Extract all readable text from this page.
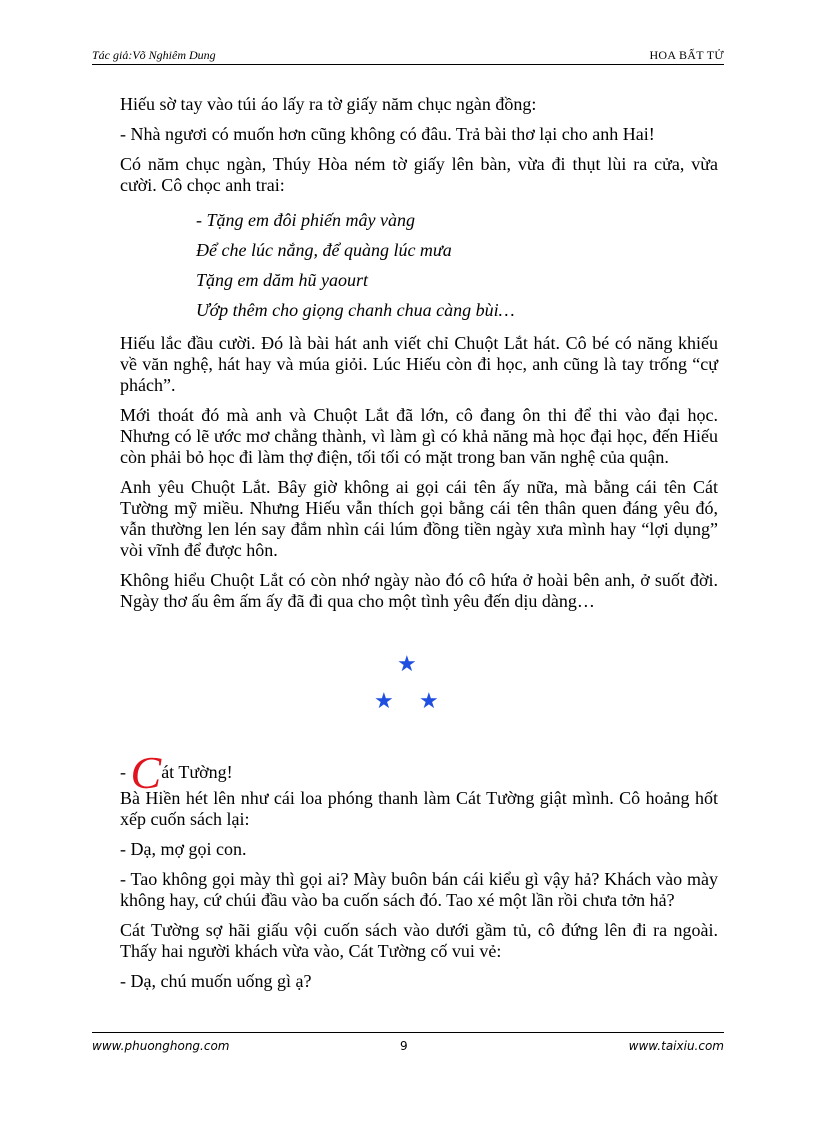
Tác giả:Võ Nghiêm Dung	HOA BẤT TỬ

Hiếu sờ tay vào túi áo lấy ra tờ giấy năm chục ngàn đồng:

- Nhà ngươi có muốn hơn cũng không có đâu. Trả bài thơ lại cho anh Hai!

Có năm chục ngàn, Thúy Hòa ném tờ giấy lên bàn, vừa đi thụt lùi ra cửa, vừa cười. Cô chọc anh trai:

- Tặng em đôi phiến mây vàng
Để che lúc nắng, để quàng lúc mưa
Tặng em dăm hũ yaourt
Ướp thêm cho giọng chanh chua càng bùi…

Hiếu lắc đầu cười. Đó là bài hát anh viết chỉ Chuột Lắt hát. Cô bé có năng khiếu về văn nghệ, hát hay và múa giỏi. Lúc Hiếu còn đi học, anh cũng là tay trống “cự phách”.

Mới thoát đó mà anh và Chuột Lắt đã lớn, cô đang ôn thi để thi vào đại học. Nhưng có lẽ ước mơ chẳng thành, vì làm gì có khả năng mà học đại học, đến Hiếu còn phải bỏ học đi làm thợ điện, tối tối có mặt trong ban văn nghệ của quận.

Anh yêu Chuột Lắt. Bây giờ không ai gọi cái tên ấy nữa, mà bằng cái tên Cát Tường mỹ miều. Nhưng Hiếu vẫn thích gọi bằng cái tên thân quen đáng yêu đó, vẫn thường len lén say đắm nhìn cái lúm đồng tiền ngày xưa mình hay “lợi dụng” vòi vĩnh để được hôn.

Không hiểu Chuột Lắt có còn nhớ ngày nào đó cô hứa ở hoài bên anh, ở suốt đời. Ngày thơ ấu êm ấm ấy đã đi qua cho một tình yêu đến dịu dàng…

★
★ ★
- Cát Tường!

Bà Hiền hét lên như cái loa phóng thanh làm Cát Tường giật mình. Cô hoảng hốt xếp cuốn sách lại:

- Dạ, mợ gọi con.

- Tao không gọi mày thì gọi ai? Mày buôn bán cái kiểu gì vậy hả? Khách vào mày không hay, cứ chúi đầu vào ba cuốn sách đó. Tao xé một lần rồi chưa tởn hả?

Cát Tường sợ hãi giấu vội cuốn sách vào dưới gầm tủ, cô đứng lên đi ra ngoài. Thấy hai người khách vừa vào, Cát Tường cố vui vẻ:

- Dạ, chú muốn uống gì ạ?

www.phuonghong.com	9	www.taixiu.com
